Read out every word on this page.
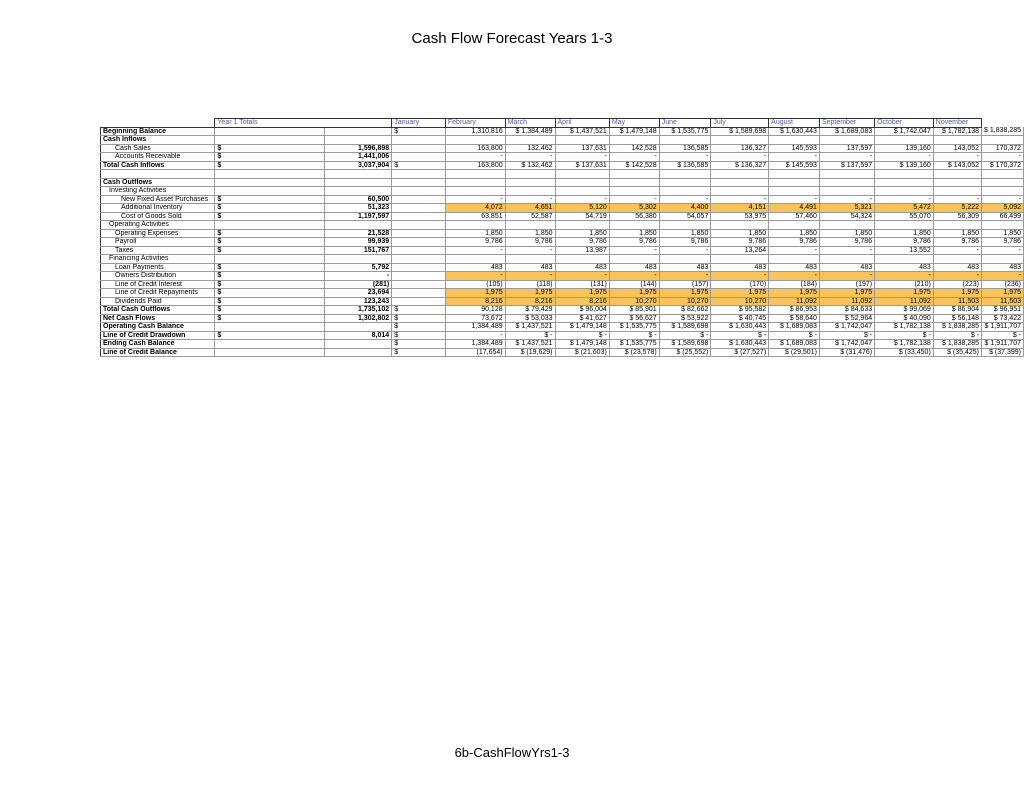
Cash Flow Forecast Years 1-3
	Year 1 Totals		January	February	March	April	May	June	July	August	September	October	November	
Beginning Balance			$	1,310,816	$ 1,384,489	$ 1,437,521	$ 1,479,148	$ 1,535,775	$ 1,589,698	$ 1,630,443	$ 1,689,083	$ 1,742,047	$ 1,782,138	$ 1,838,285
Cash Inflows														
Cash Sales	$	1,596,898		163,800	132,462	137,631	142,528	136,585	136,327	145,593	137,597	139,160	143,052	170,372
Accounts Receivable	$	1,441,006		-	-	-	-	-	-	-	-	-	-	-
Total Cash Inflows	$	3,037,904	$	163,800	$ 132,462	$ 137,631	$ 142,528	$ 136,585	$ 136,327	$ 145,593	$ 137,597	$ 139,160	$ 143,052	$ 170,372

Cash Outflows														
Investing Activities														
New Fixed Asset Purchases	$	60,500		-	-	-	-	-	-	-	-	-	-	-
Additional Inventory	$	51,323		4,072	4,651	5,120	5,302	4,400	4,151	4,491	5,321	5,472	5,222	5,092
Cost of Goods Sold	$	1,197,597		63,851	52,587	54,719	56,380	54,057	53,975	57,460	54,324	55,070	56,309	66,499
Operating Activities														
Operating Expenses	$	21,528		1,850	1,850	1,850	1,850	1,850	1,850	1,850	1,850	1,850	1,850	1,850
Payroll	$	99,939		9,786	9,786	9,786	9,786	9,786	9,786	9,786	9,786	9,786	9,786	9,786
Taxes	$	151,767		-	-	13,987	-	-	13,264	-	-	13,552	-	-
Financing Activities														
Loan Payments	$	5,792		483	483	483	483	483	483	483	483	483	483	483
Owners Distribution	$	-		-	-	-	-	-	-	-	-	-	-	-
Line of Credit Interest	$	(281)		(105)	(118)	(131)	(144)	(157)	(170)	(184)	(197)	(210)	(223)	(236)
Line of Credit Repayments	$	23,694		1,975	1,975	1,975	1,975	1,975	1,975	1,975	1,975	1,975	1,975	1,975
Dividends Paid	$	123,243		8,216	8,216	8,216	10,270	10,270	10,270	11,092	11,092	11,092	11,503	11,503
Total Cash Outflows	$	1,735,102	$	90,128	$ 79,429	$ 96,004	$ 85,901	$ 82,662	$ 95,582	$ 86,953	$ 84,633	$ 99,069	$ 86,904	$ 96,951
Net Cash Flows	$	1,302,802	$	73,672	$ 53,033	$ 41,627	$ 56,627	$ 53,922	$ 40,745	$ 58,640	$ 52,964	$ 40,090	$ 56,148	$ 73,422
Operating Cash Balance			$	1,384,489	$ 1,437,521	$ 1,479,148	$ 1,535,775	$ 1,589,698	$ 1,630,443	$ 1,689,083	$ 1,742,047	$ 1,782,138	$ 1,838,285	$ 1,911,707
Line of Credit Drawdown	$	8,014	$	-	$ -	$ -	$ -	$ -	$ -	$ -	$ -	$ -	$ -	$ -
Ending Cash Balance			$	1,384,489	$ 1,437,521	$ 1,479,148	$ 1,535,775	$ 1,589,698	$ 1,630,443	$ 1,689,083	$ 1,742,047	$ 1,782,138	$ 1,838,285	$ 1,911,707
Line of Credit Balance			$	(17,654)	$ (19,629)	$ (21,603)	$ (23,578)	$ (25,552)	$ (27,527)	$ (29,501)	$ (31,476)	$ (33,450)	$ (35,425)	$ (37,399)
6b-CashFlowYrs1-3
